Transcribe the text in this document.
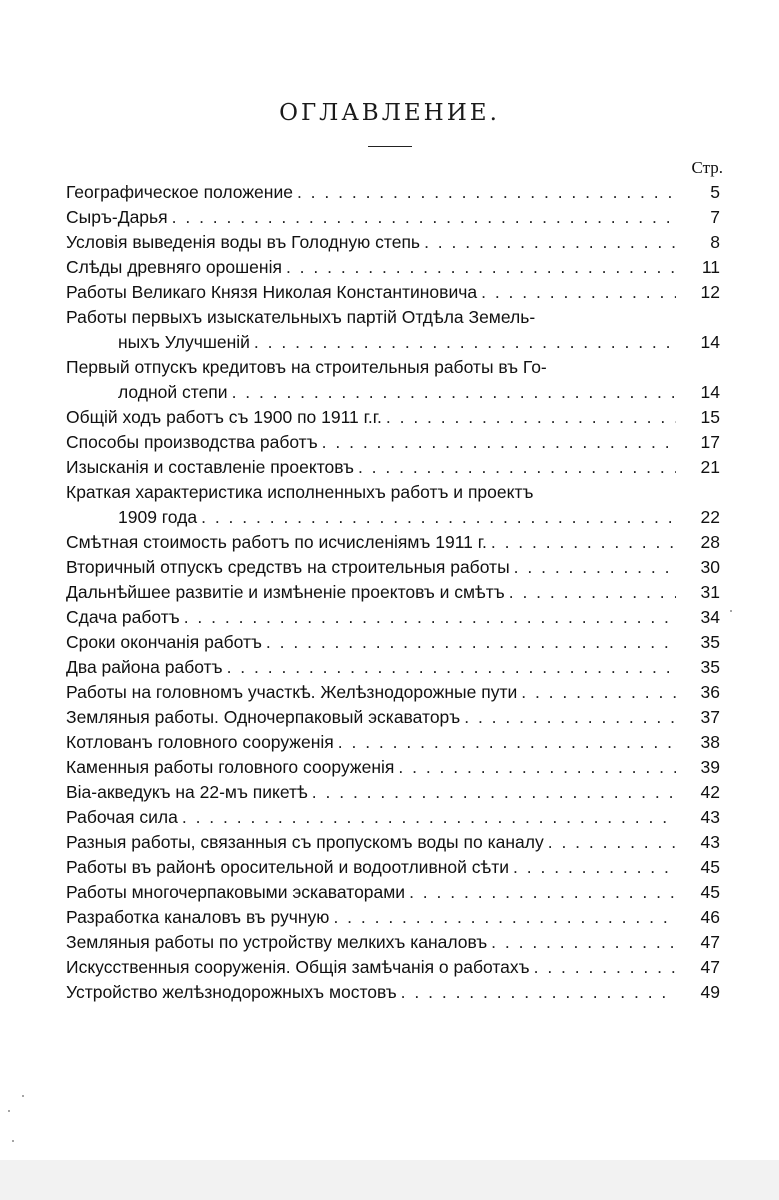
ОГЛАВЛЕНИЕ.
Стр.
Географическое положение . . .	5
Сыръ-Дарья . . .	7
Условія выведенія воды въ Голодную степь . . .	8
Слѣды древняго орошенія . . .	11
Работы Великаго Князя Николая Константиновича . . .	12
Работы первыхъ изыскательныхъ партій Отдѣла Земель-
ныхъ Улучшеній . . .	14
Первый отпускъ кредитовъ на строительныя работы въ Го-
лодной степи . . .	14
Общій ходъ работъ съ 1900 по 1911 г.г. . . .	15
Способы производства работъ . . .	17
Изысканія и составленіе проектовъ . . .	21
Краткая характеристика исполненныхъ работъ и проектъ
1909 года . . .	22
Смѣтная стоимость работъ по исчисленіямъ 1911 г. . . .	28
Вторичный отпускъ средствъ на строительныя работы . . .	30
Дальнѣйшее развитіе и измѣненіе проектовъ и смѣтъ . . .	31
Сдача работъ . . .	34
Сроки окончанія работъ . . .	35
Два района работъ . . .	35
Работы на головномъ участкѣ. Желѣзнодорожные пути . . .	36
Земляныя работы. Одночерпаковый эскаваторъ . . .	37
Котлованъ головного сооруженія . . .	38
Каменныя работы головного сооруженія . . .	39
Віа-акведукъ на 22-мъ пикетѣ . . .	42
Рабочая сила . . .	43
Разныя работы, связанныя съ пропускомъ воды по каналу . . .	43
Работы въ районѣ оросительной и водоотливной сѣти . . .	45
Работы многочерпаковыми эскаваторами . . .	45
Разработка каналовъ въ ручную . . .	46
Земляныя работы по устройству мелкихъ каналовъ . . .	47
Искусственныя сооруженія. Общія замѣчанія о работахъ . . .	47
Устройство желѣзнодорожныхъ мостовъ . . .	49
